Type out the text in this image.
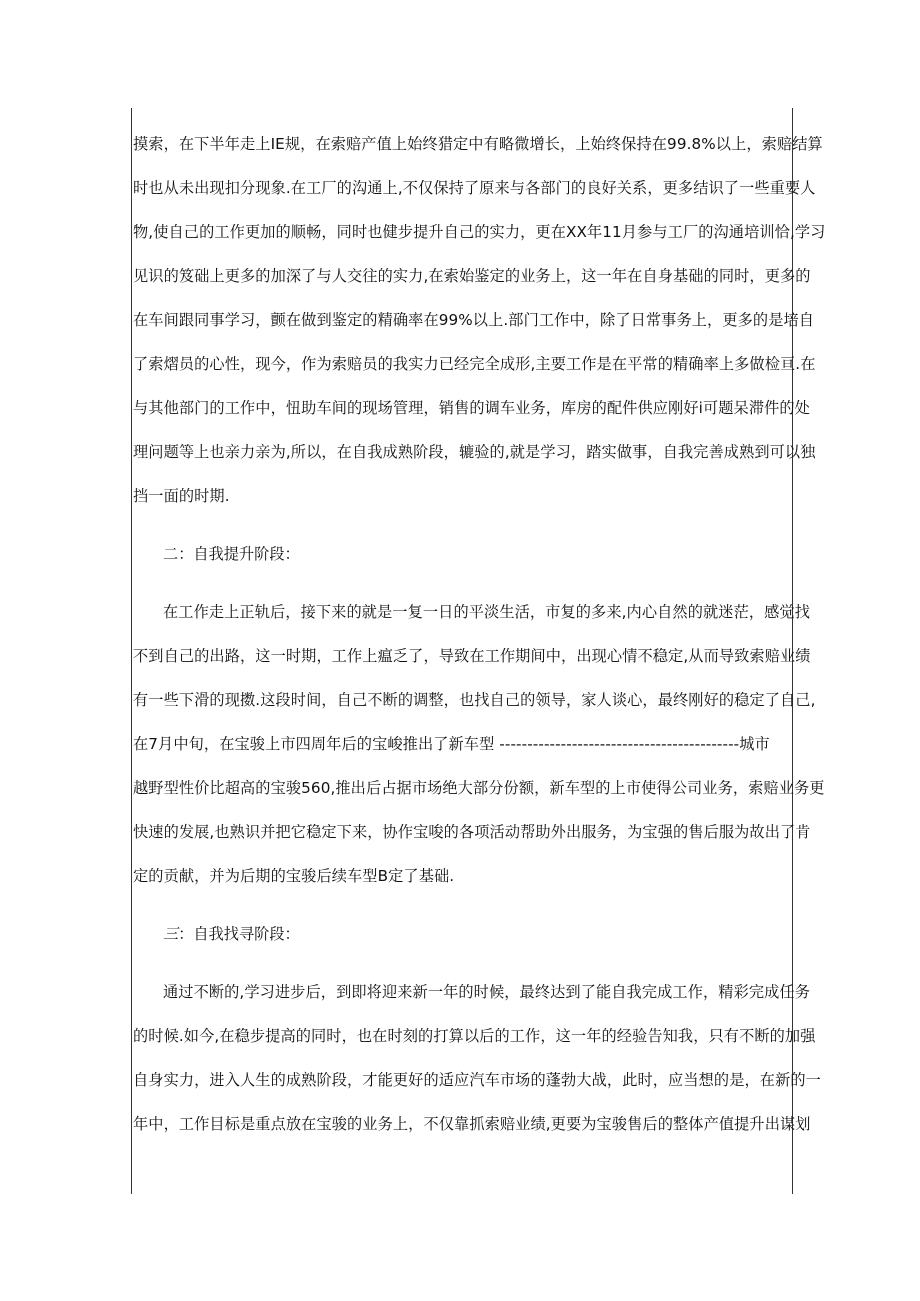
摸索，在下半年走上IE规，在索赔产值上始终猎定中有略微增长，上始终保持在99.8%以上，索赔结算
时也从未出现扣分现象.在工厂的沟通上,不仅保持了原来与各部门的良好关系，更多结识了一些重要人
物,使自己的工作更加的顺畅，同时也健步提升自己的实力，更在XX年11月参与工厂的沟通培训恰,学习
见识的笈础上更多的加深了与人交往的实力,在索始鉴定的业务上，这一年在自身基础的同时，更多的
在车间跟同事学习，颤在做到鉴定的精确率在99%以上.部门工作中，除了日常事务上，更多的是培自
了索熠员的心性，现今，作为索赔员的我实力已经完全成形,主要工作是在平常的精确率上多做检亘.在
与其他部门的工作中，忸助车间的现场管理，销售的调车业务，库房的配件供应刚好i可题呆滞件的处
理问题等上也亲力亲为,所以，在自我成熟阶段，辘验的,就是学习，踏实做事，自我完善成熟到可以独
挡一面的时期.
二：自我提升阶段：
在工作走上正轨后，接下来的就是一复一日的平淡生活，市复的多来,内心自然的就迷茫，感觉找
不到自己的出路，这一时期，工作上瘟乏了，导致在工作期间中，出现心情不稳定,从而导致索赔业绩
有一些下滑的现擞.这段时间，自己不断的调整，也找自己的领导，家人谈心，最终刚好的稳定了自己,
在7月中旬，在宝骏上市四周年后的宝峻推出了新车型 -------------------------------------------城市
越野型性价比超高的宝骏560,推出后占据市场绝大部分份额，新车型的上市使得公司业务，索赔业务更
快速的发展,也熟识并把它稳定下来，协作宝唆的各项活动帮助外出服务，为宝强的售后服为故出了肯
定的贡献，并为后期的宝骏后续车型B定了基础.
三：自我找寻阶段：
通过不断的,学习进步后，到即将迎来新一年的时候，最终达到了能自我完成工作，精彩完成任务
的时候.如今,在稳步提高的同时，也在时刻的打算以后的工作，这一年的经验告知我，只有不断的加强
自身实力，进入人生的成熟阶段，才能更好的适应汽车市场的蓬勃大战，此时，应当想的是，在新的一
年中，工作目标是重点放在宝骏的业务上，不仅靠抓索赔业绩,更要为宝骏售后的整体产值提升出谋划
